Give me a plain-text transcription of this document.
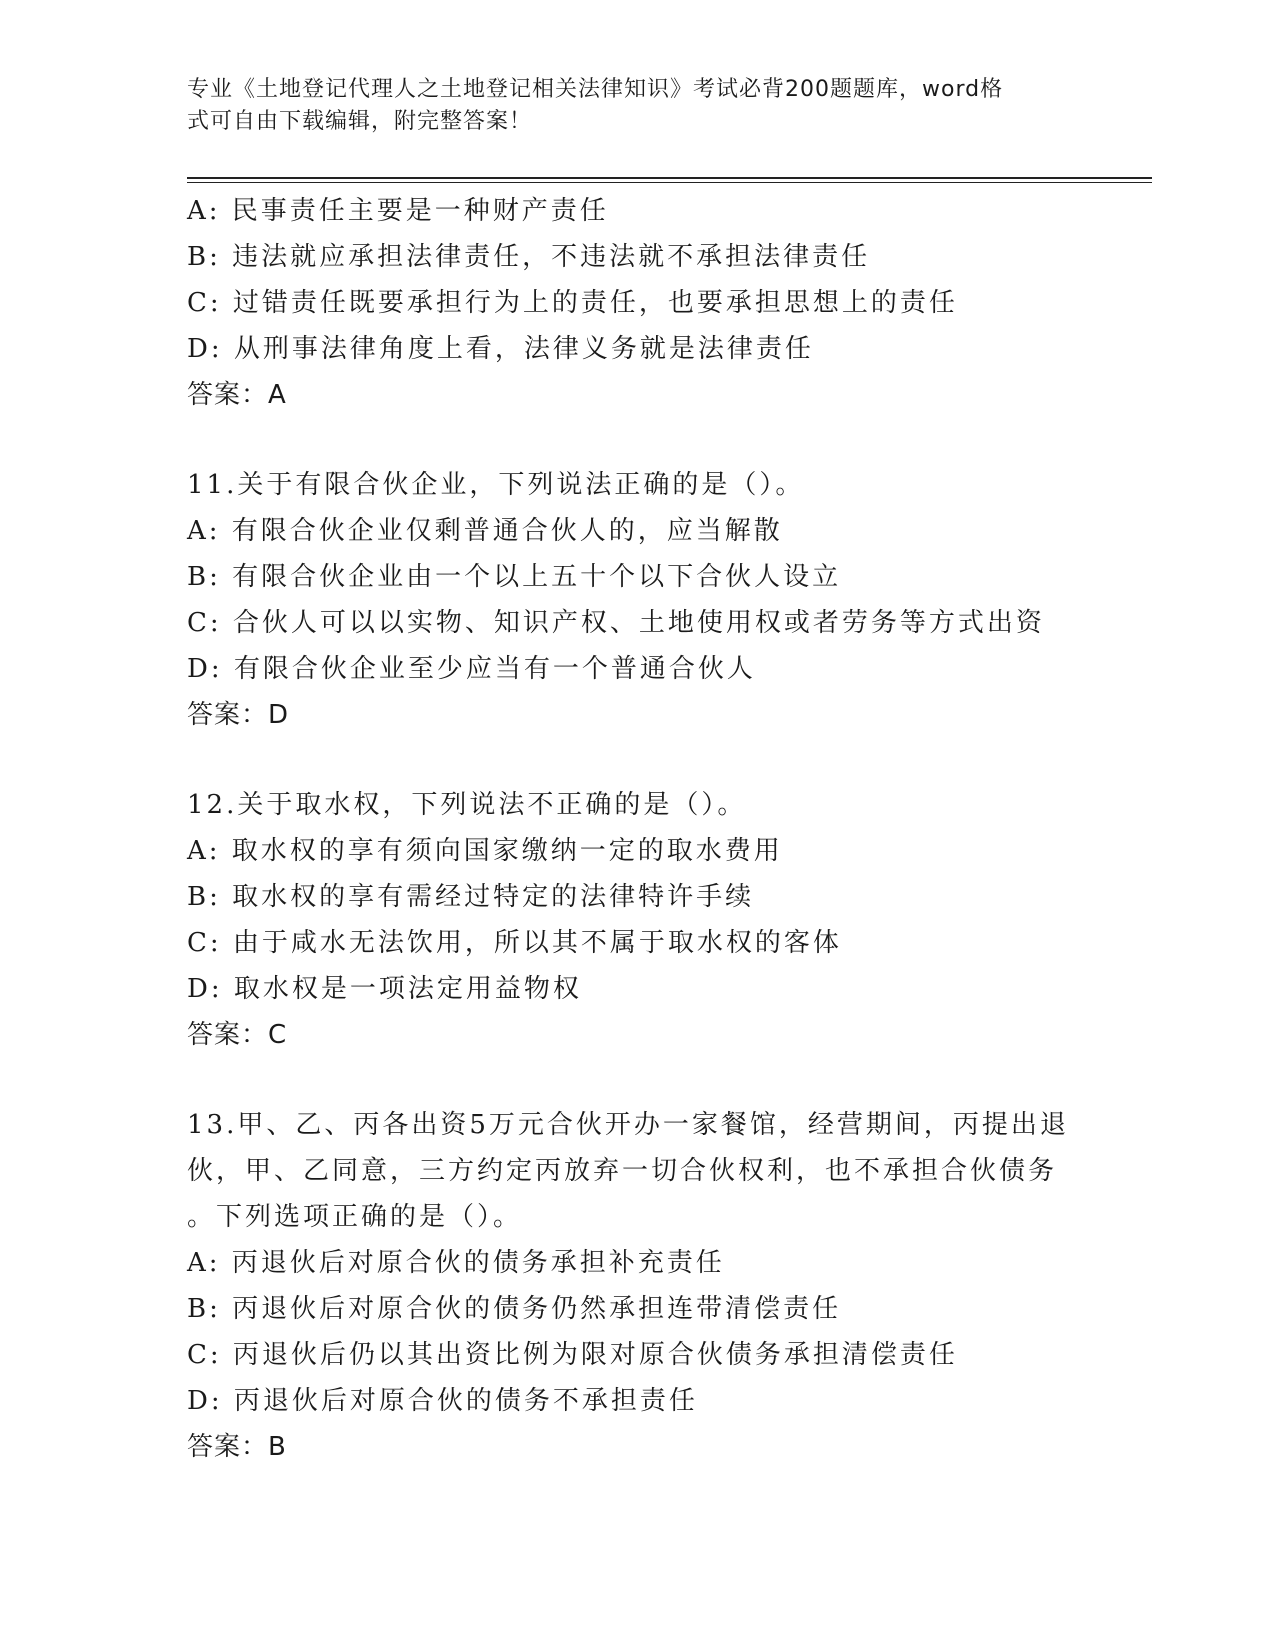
专业《土地登记代理人之土地登记相关法律知识》考试必背200题题库，word格
式可自由下载编辑，附完整答案！
A: 民事责任主要是一种财产责任
B: 违法就应承担法律责任，不违法就不承担法律责任
C: 过错责任既要承担行为上的责任，也要承担思想上的责任
D: 从刑事法律角度上看，法律义务就是法律责任
答案：A
11.关于有限合伙企业，下列说法正确的是（）。
A: 有限合伙企业仅剩普通合伙人的，应当解散
B: 有限合伙企业由一个以上五十个以下合伙人设立
C: 合伙人可以以实物、知识产权、土地使用权或者劳务等方式出资
D: 有限合伙企业至少应当有一个普通合伙人
答案：D
12.关于取水权，下列说法不正确的是（）。
A: 取水权的享有须向国家缴纳一定的取水费用
B: 取水权的享有需经过特定的法律特许手续
C: 由于咸水无法饮用，所以其不属于取水权的客体
D: 取水权是一项法定用益物权
答案：C
13.甲、乙、丙各出资5万元合伙开办一家餐馆，经营期间，丙提出退
伙，甲、乙同意，三方约定丙放弃一切合伙权利，也不承担合伙债务
。下列选项正确的是（）。
A: 丙退伙后对原合伙的债务承担补充责任
B: 丙退伙后对原合伙的债务仍然承担连带清偿责任
C: 丙退伙后仍以其出资比例为限对原合伙债务承担清偿责任
D: 丙退伙后对原合伙的债务不承担责任
答案：B
